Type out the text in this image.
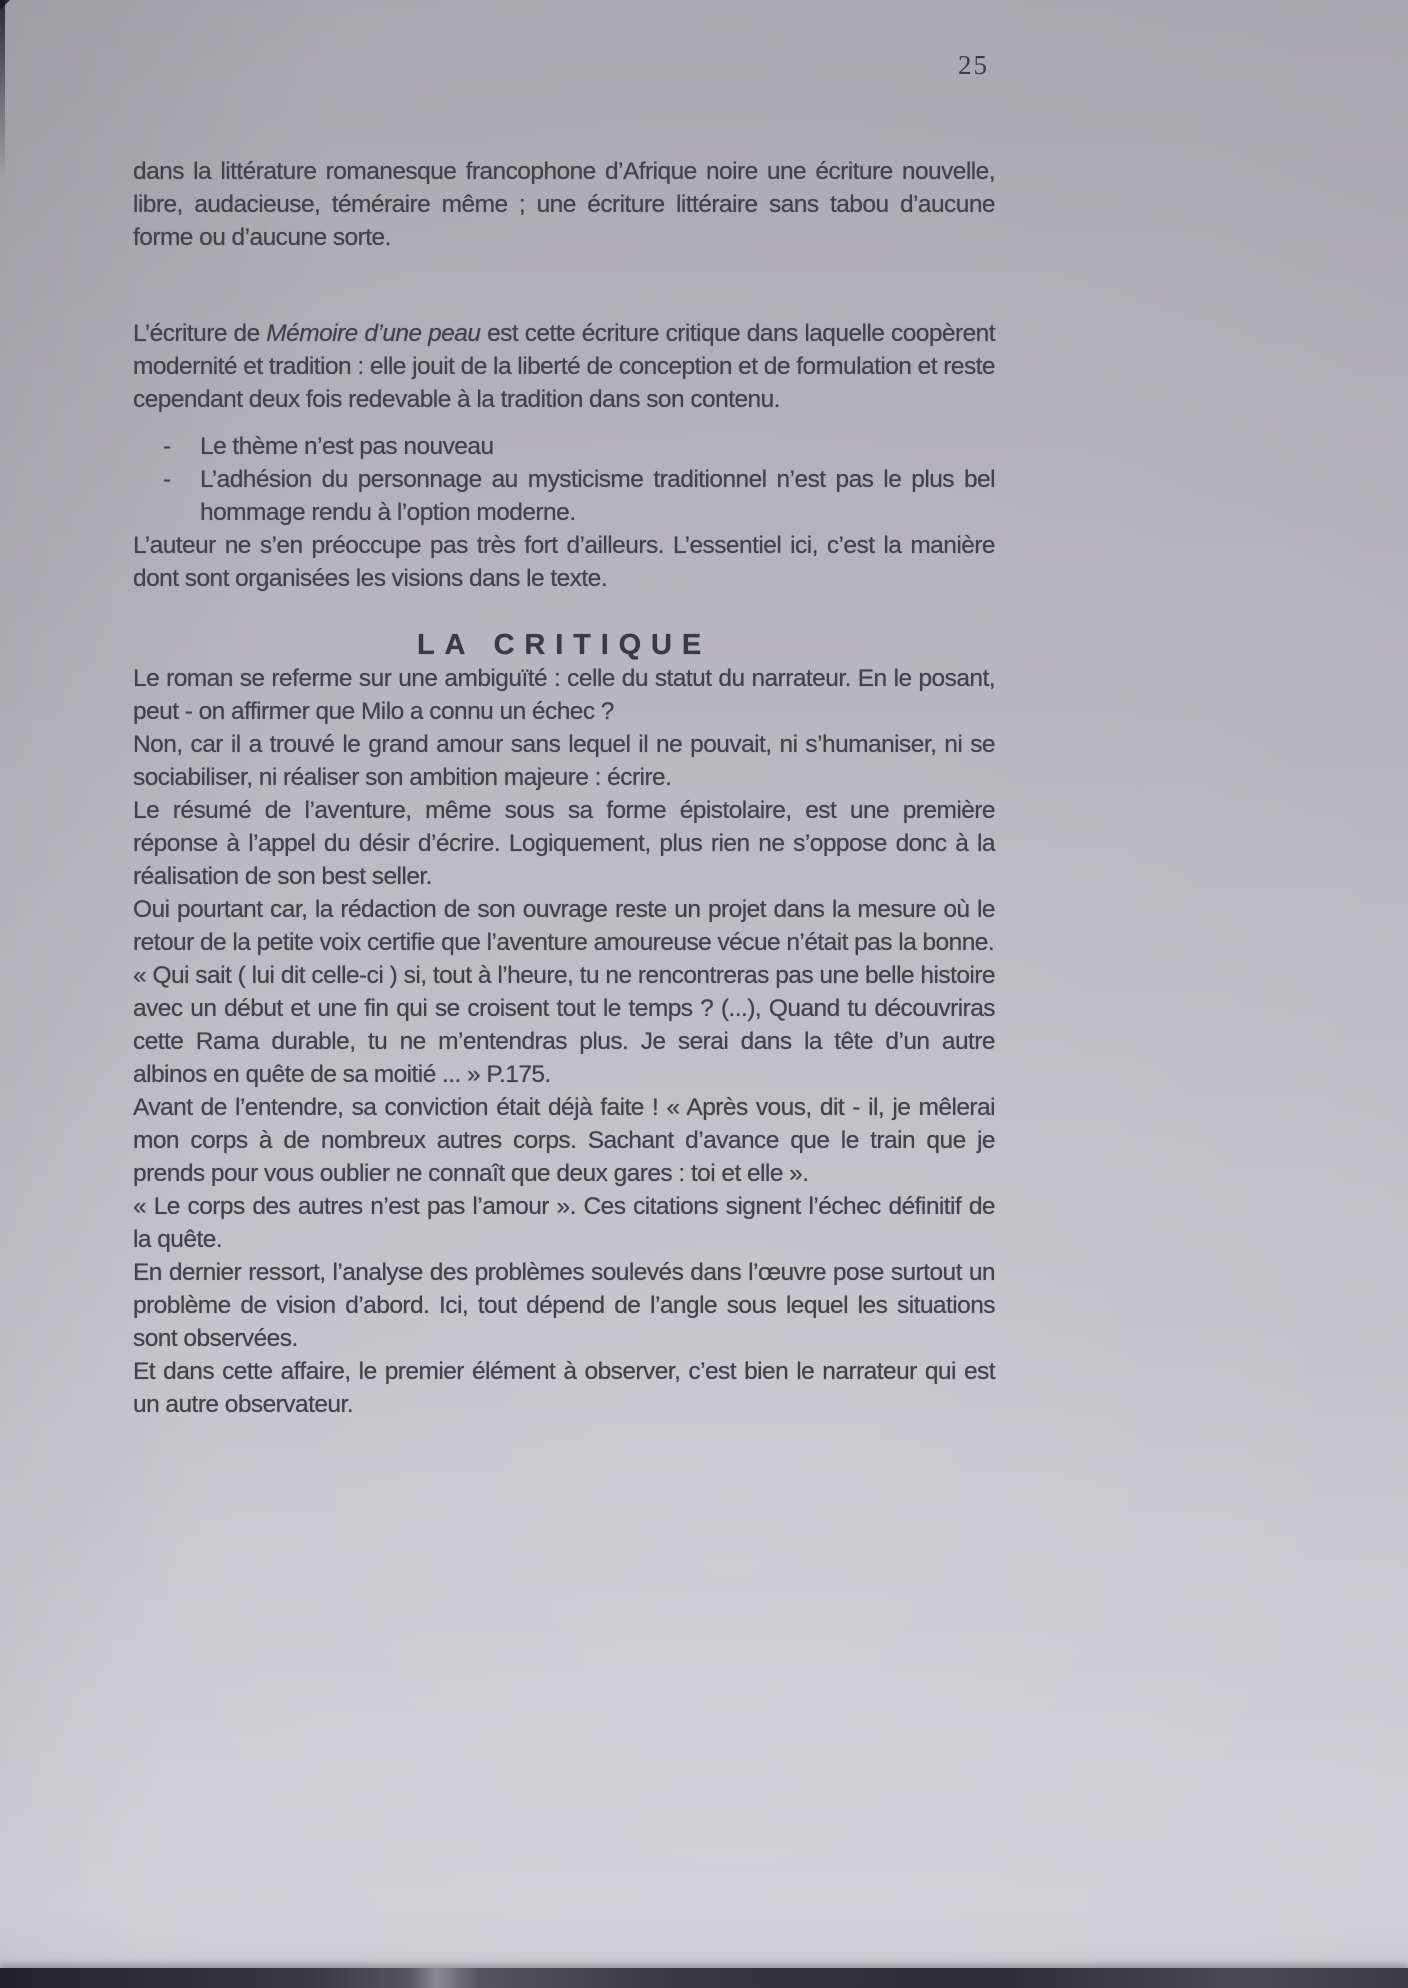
25

dans la littérature romanesque francophone d’Afrique noire une écriture nouvelle, libre, audacieuse, téméraire même ; une écriture littéraire sans tabou d’aucune forme ou d’aucune sorte.

L’écriture de Mémoire d’une peau est cette écriture critique dans laquelle coopèrent modernité et tradition : elle jouit de la liberté de conception et de formulation et reste cependant deux fois redevable à la tradition dans son contenu.

-	Le thème n’est pas nouveau
-	L’adhésion du personnage au mysticisme traditionnel n’est pas le plus bel hommage rendu à l’option moderne.

L’auteur ne s’en préoccupe pas très fort d’ailleurs. L’essentiel ici, c’est la manière dont sont organisées les visions dans le texte.

LA CRITIQUE

Le roman se referme sur une ambiguïté : celle du statut du narrateur. En le posant, peut - on affirmer que Milo a connu un échec ?

Non, car il a trouvé le grand amour sans lequel il ne pouvait, ni s’humaniser, ni se sociabiliser, ni réaliser son ambition majeure : écrire.

Le résumé de l’aventure, même sous sa forme épistolaire, est une première réponse à l’appel du désir d’écrire. Logiquement, plus rien ne s’oppose donc à la réalisation de son best seller.

Oui pourtant car, la rédaction de son ouvrage reste un projet dans la mesure où le retour de la petite voix certifie que l’aventure amoureuse vécue n’était pas la bonne.

« Qui sait ( lui dit celle-ci ) si, tout à l’heure, tu ne rencontreras pas une belle histoire avec un début et une fin qui se croisent tout le temps ? (...), Quand tu découvriras cette Rama durable, tu ne m’entendras plus. Je serai dans la tête d’un autre albinos en quête de sa moitié ... » P.175.

Avant de l’entendre, sa conviction était déjà faite ! « Après vous, dit - il, je mêlerai mon corps à de nombreux autres corps. Sachant d’avance que le train que je prends pour vous oublier ne connaît que deux gares : toi et elle ».

« Le corps des autres n’est pas l’amour ». Ces citations signent l’échec définitif de la quête.

En dernier ressort, l’analyse des problèmes soulevés dans l’œuvre pose surtout un problème de vision d’abord. Ici, tout dépend de l’angle sous lequel les situations sont observées.

Et dans cette affaire, le premier élément à observer, c’est bien le narrateur qui est un autre observateur.
